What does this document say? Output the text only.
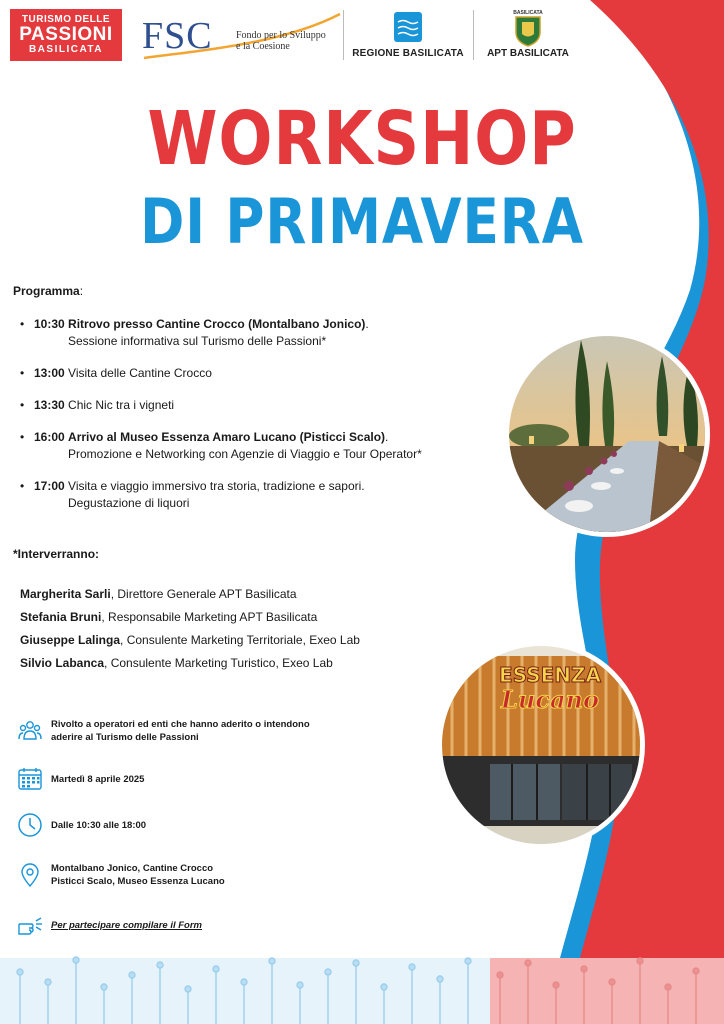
TURISMO DELLE
PASSIONI
BASILICATA	FSC Fondo per lo Sviluppo
e la Coesione
REGIONE BASILICATA
BASILICATA
APT BASILICATA
WORKSHOP
DI PRIMAVERA
Programma:
• 10:30 Ritrovo presso Cantine Crocco (Montalbano Jonico).
Sessione informativa sul Turismo delle Passioni*
• 13:00 Visita delle Cantine Crocco
• 13:30 Chic Nic tra i vigneti
• 16:00 Arrivo al Museo Essenza Amaro Lucano (Pisticci Scalo).
Promozione e Networking con Agenzie di Viaggio e Tour Operator*
• 17:00 Visita e viaggio immersivo tra storia, tradizione e sapori.
Degustazione di liquori
*Interverranno:
Margherita Sarli, Direttore Generale APT Basilicata
Stefania Bruni, Responsabile Marketing APT Basilicata
Giuseppe Lalinga, Consulente Marketing Territoriale, Exeo Lab
Silvio Labanca, Consulente Marketing Turistico, Exeo Lab
Rivolto a operatori ed enti che hanno aderito o intendono
aderire al Turismo delle Passioni
Martedì 8 aprile 2025
Dalle 10:30 alle 18:00
Montalbano Jonico, Cantine Crocco
Pisticci Scalo, Museo Essenza Lucano
Per partecipare compilare il Form
ESSENZA
Lucano
